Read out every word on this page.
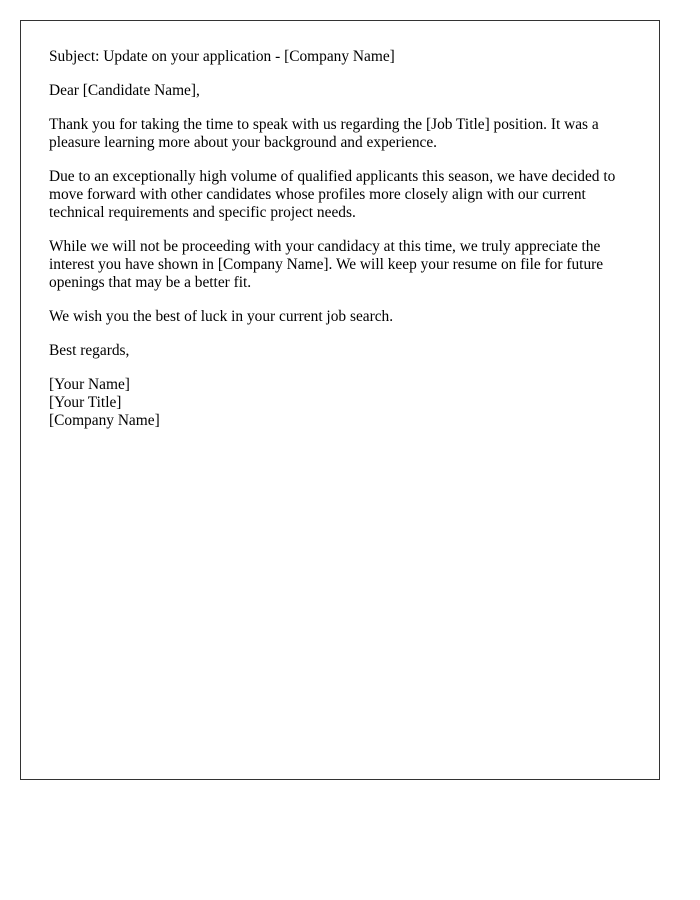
Subject: Update on your application - [Company Name]

Dear [Candidate Name],

Thank you for taking the time to speak with us regarding the [Job Title] position. It was a pleasure learning more about your background and experience.

Due to an exceptionally high volume of qualified applicants this season, we have decided to move forward with other candidates whose profiles more closely align with our current technical requirements and specific project needs.

While we will not be proceeding with your candidacy at this time, we truly appreciate the interest you have shown in [Company Name]. We will keep your resume on file for future openings that may be a better fit.

We wish you the best of luck in your current job search.

Best regards,

[Your Name]
[Your Title]
[Company Name]
